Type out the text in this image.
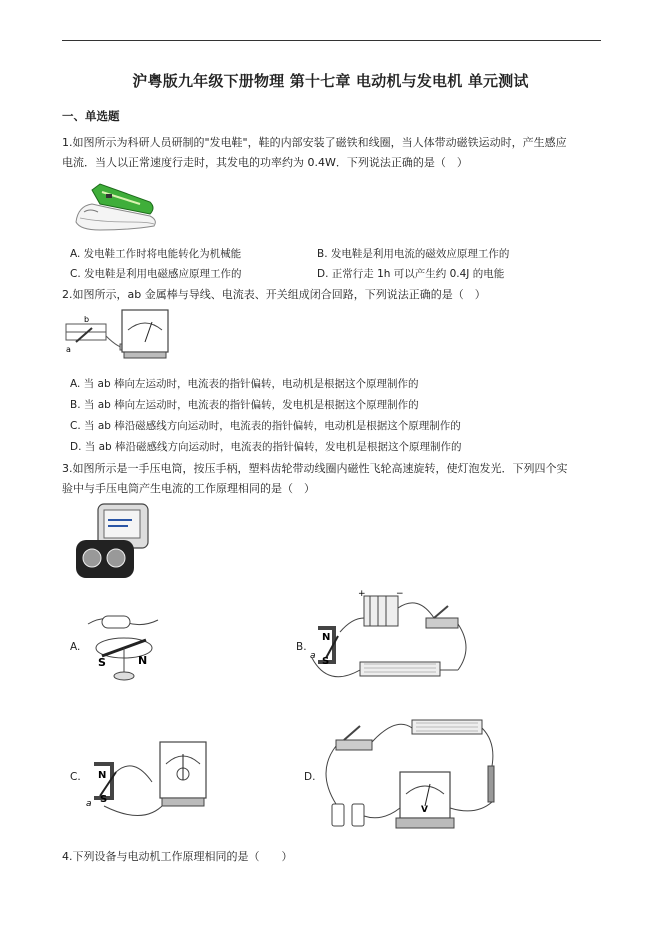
沪粤版九年级下册物理 第十七章 电动机与发电机 单元测试
一、单选题
1.如图所示为科研人员研制的"发电鞋"，鞋的内部安装了磁铁和线圈，当人体带动磁铁运动时，产生感应
电流．当人以正常速度行走时，其发电的功率约为 0.4W．下列说法正确的是（　）
A. 发电鞋工作时将电能转化为机械能	B. 发电鞋是利用电流的磁效应原理工作的
C. 发电鞋是利用电磁感应原理工作的	D. 正常行走 1h 可以产生约 0.4J 的电能
2.如图所示，ab 金属棒与导线、电流表、开关组成闭合回路，下列说法正确的是（　）
b
a
A. 当 ab 棒向左运动时，电流表的指针偏转，电动机是根据这个原理制作的
B. 当 ab 棒向左运动时，电流表的指针偏转，发电机是根据这个原理制作的
C. 当 ab 棒沿磁感线方向运动时，电流表的指针偏转，电动机是根据这个原理制作的
D. 当 ab 棒沿磁感线方向运动时，电流表的指针偏转，发电机是根据这个原理制作的
3.如图所示是一手压电筒，按压手柄，塑料齿轮带动线圈内磁性飞轮高速旋转，使灯泡发光．下列四个实
验中与手压电筒产生电流的工作原理相同的是（　）
A.
S	N
B.
+	−
N
S
a
C. N
S
a
D.
V
4.下列设备与电动机工作原理相同的是（　　）
